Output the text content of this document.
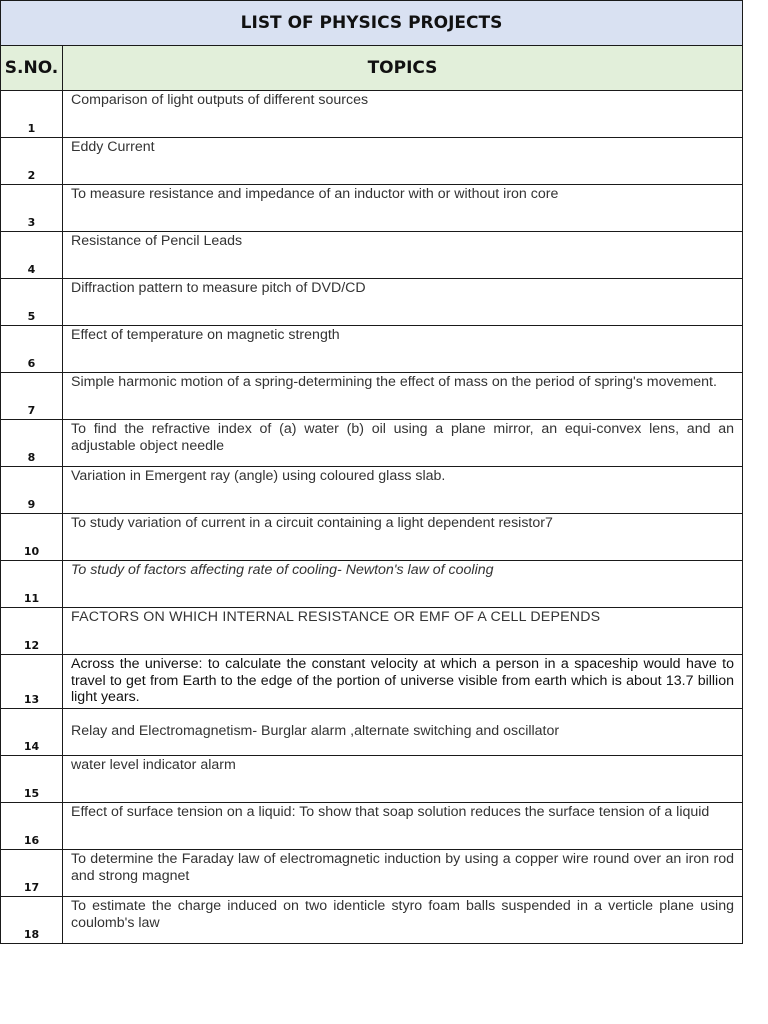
LIST OF PHYSICS PROJECTS	
S.NO.	TOPICS
1	Comparison of light outputs of different sources
2	Eddy Current
3	To measure resistance and impedance of an inductor with or without iron core
4	Resistance of Pencil Leads
5	Diffraction pattern to measure pitch of DVD/CD
6	Effect of temperature on magnetic strength
7	Simple harmonic motion of a spring-determining the effect of mass on the period of spring's movement.
8	To find the refractive index of (a) water (b) oil using a plane mirror, an equi-convex lens, and an adjustable object needle
9	Variation in Emergent ray (angle) using coloured glass slab.
10	To study variation of current in a circuit containing a light dependent resistor7
11	To study of factors affecting rate of cooling- Newton's law of cooling
12	FACTORS ON WHICH INTERNAL RESISTANCE OR EMF OF A CELL DEPENDS
13	Across the universe: to calculate the constant velocity at which a person in a spaceship would have to travel to get from Earth to the edge of the portion of universe visible from earth which is about 13.7 billion light years.
14	Relay and Electromagnetism- Burglar alarm ,alternate switching and oscillator
15	water level indicator alarm
16	Effect of surface tension on a liquid: To show that soap solution reduces the surface tension of a liquid
17	To determine the Faraday law of electromagnetic induction by using a copper wire round over an iron rod and strong magnet
18	To estimate the charge induced on two identicle styro foam balls suspended in a verticle plane using coulomb's law
